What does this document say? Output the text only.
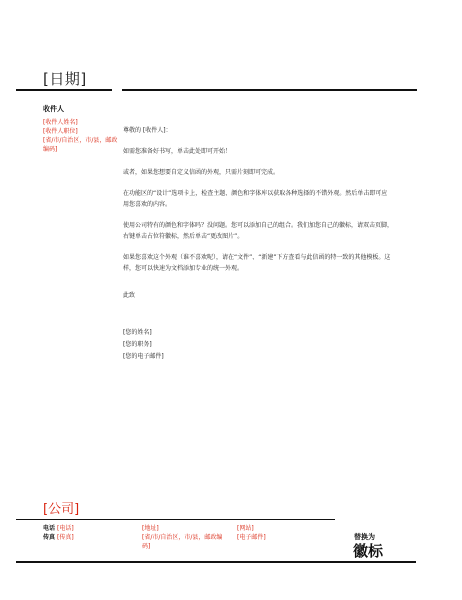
[日期]
收件人
[收件人姓名]
[收件人职位]
[省/市/自治区，市/县，邮政编码]

尊敬的 [收件人]：

如需您准备好书写，单击此处即可开始！

或者，如果您想要自定义信函的外观，只需片刻即可完成。

在功能区的“设计”选项卡上，检查主题、颜色和字体库以获取各种选择的不错外观。然后单击即可应用您喜欢的内容。

使用公司特有的颜色和字体吗？没问题。您可以添加自己的组合。我们加您自己的徽标，请双击页脚，右键单击占位符徽标，然后单击“更改图片”。

如果您喜欢这个外观（谁不喜欢呢），请在“文件”、“新建”下方查看与此信函的特一致的其他模板。这样，您可以快速为文档添加专业的统一外观。

此致

[您的姓名]
[您的职务]
[您的电子邮件]
[公司]
电话 [电话]
传真 [传真]
[地址]
[省/市/自治区，市/县，邮政编码]
[网站]
[电子邮件]	替换为
徽标
